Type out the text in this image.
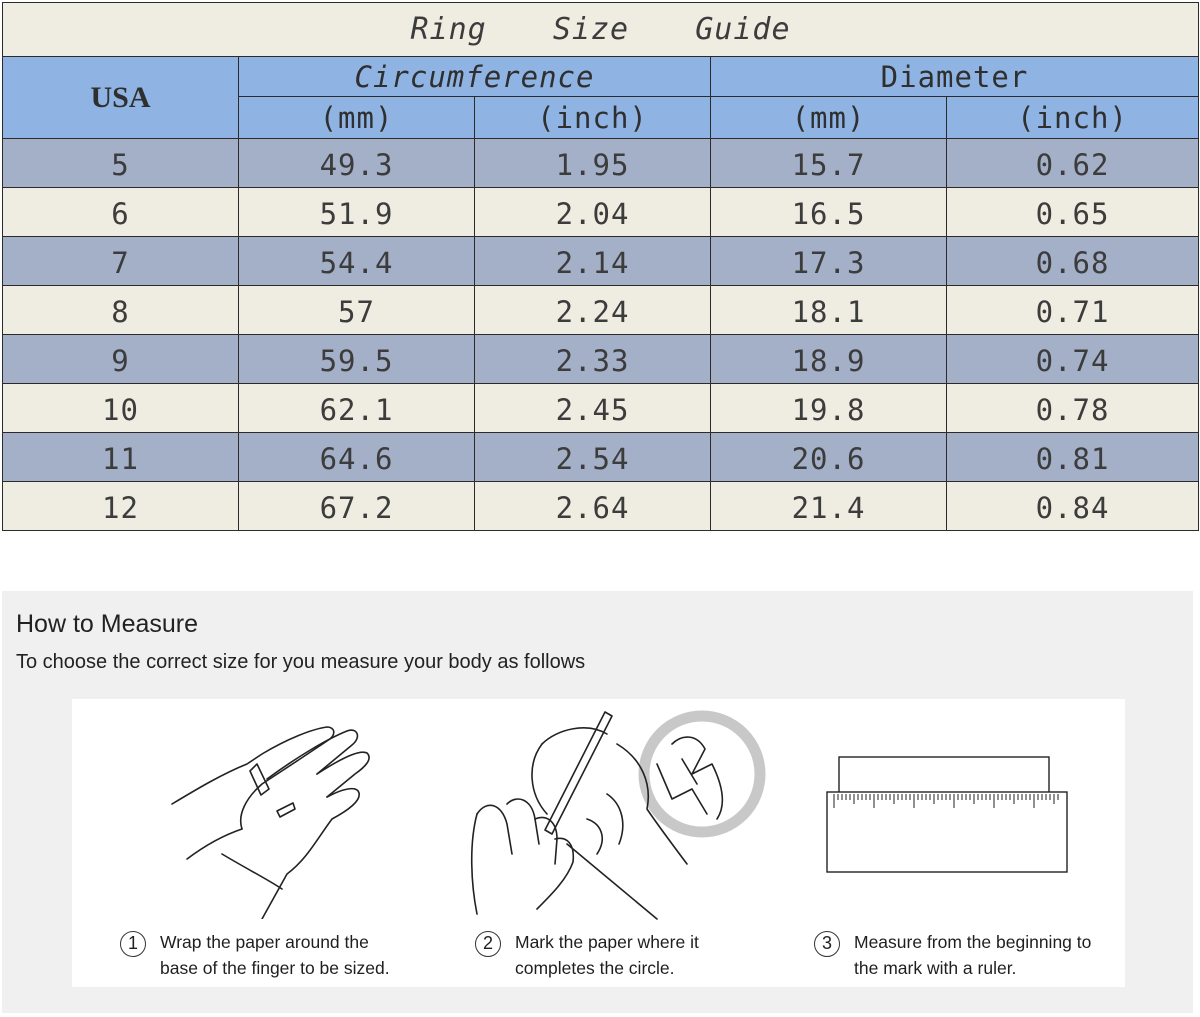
Ring  Size  Guide				
USA	Circumference		Diameter	
	(mm)	(inch)	(mm)	(inch)
5	49.3	1.95	15.7	0.62
6	51.9	2.04	16.5	0.65
7	54.4	2.14	17.3	0.68
8	57	2.24	18.1	0.71
9	59.5	2.33	18.9	0.74
10	62.1	2.45	19.8	0.78
11	64.6	2.54	20.6	0.81
12	67.2	2.64	21.4	0.84
How to Measure
To choose the correct size for you measure your body as follows
1	Wrap the paper around the
base of the finger to be sized.
2	Mark the paper where it
completes the circle.
3	Measure from the beginning to
the mark with a ruler.
